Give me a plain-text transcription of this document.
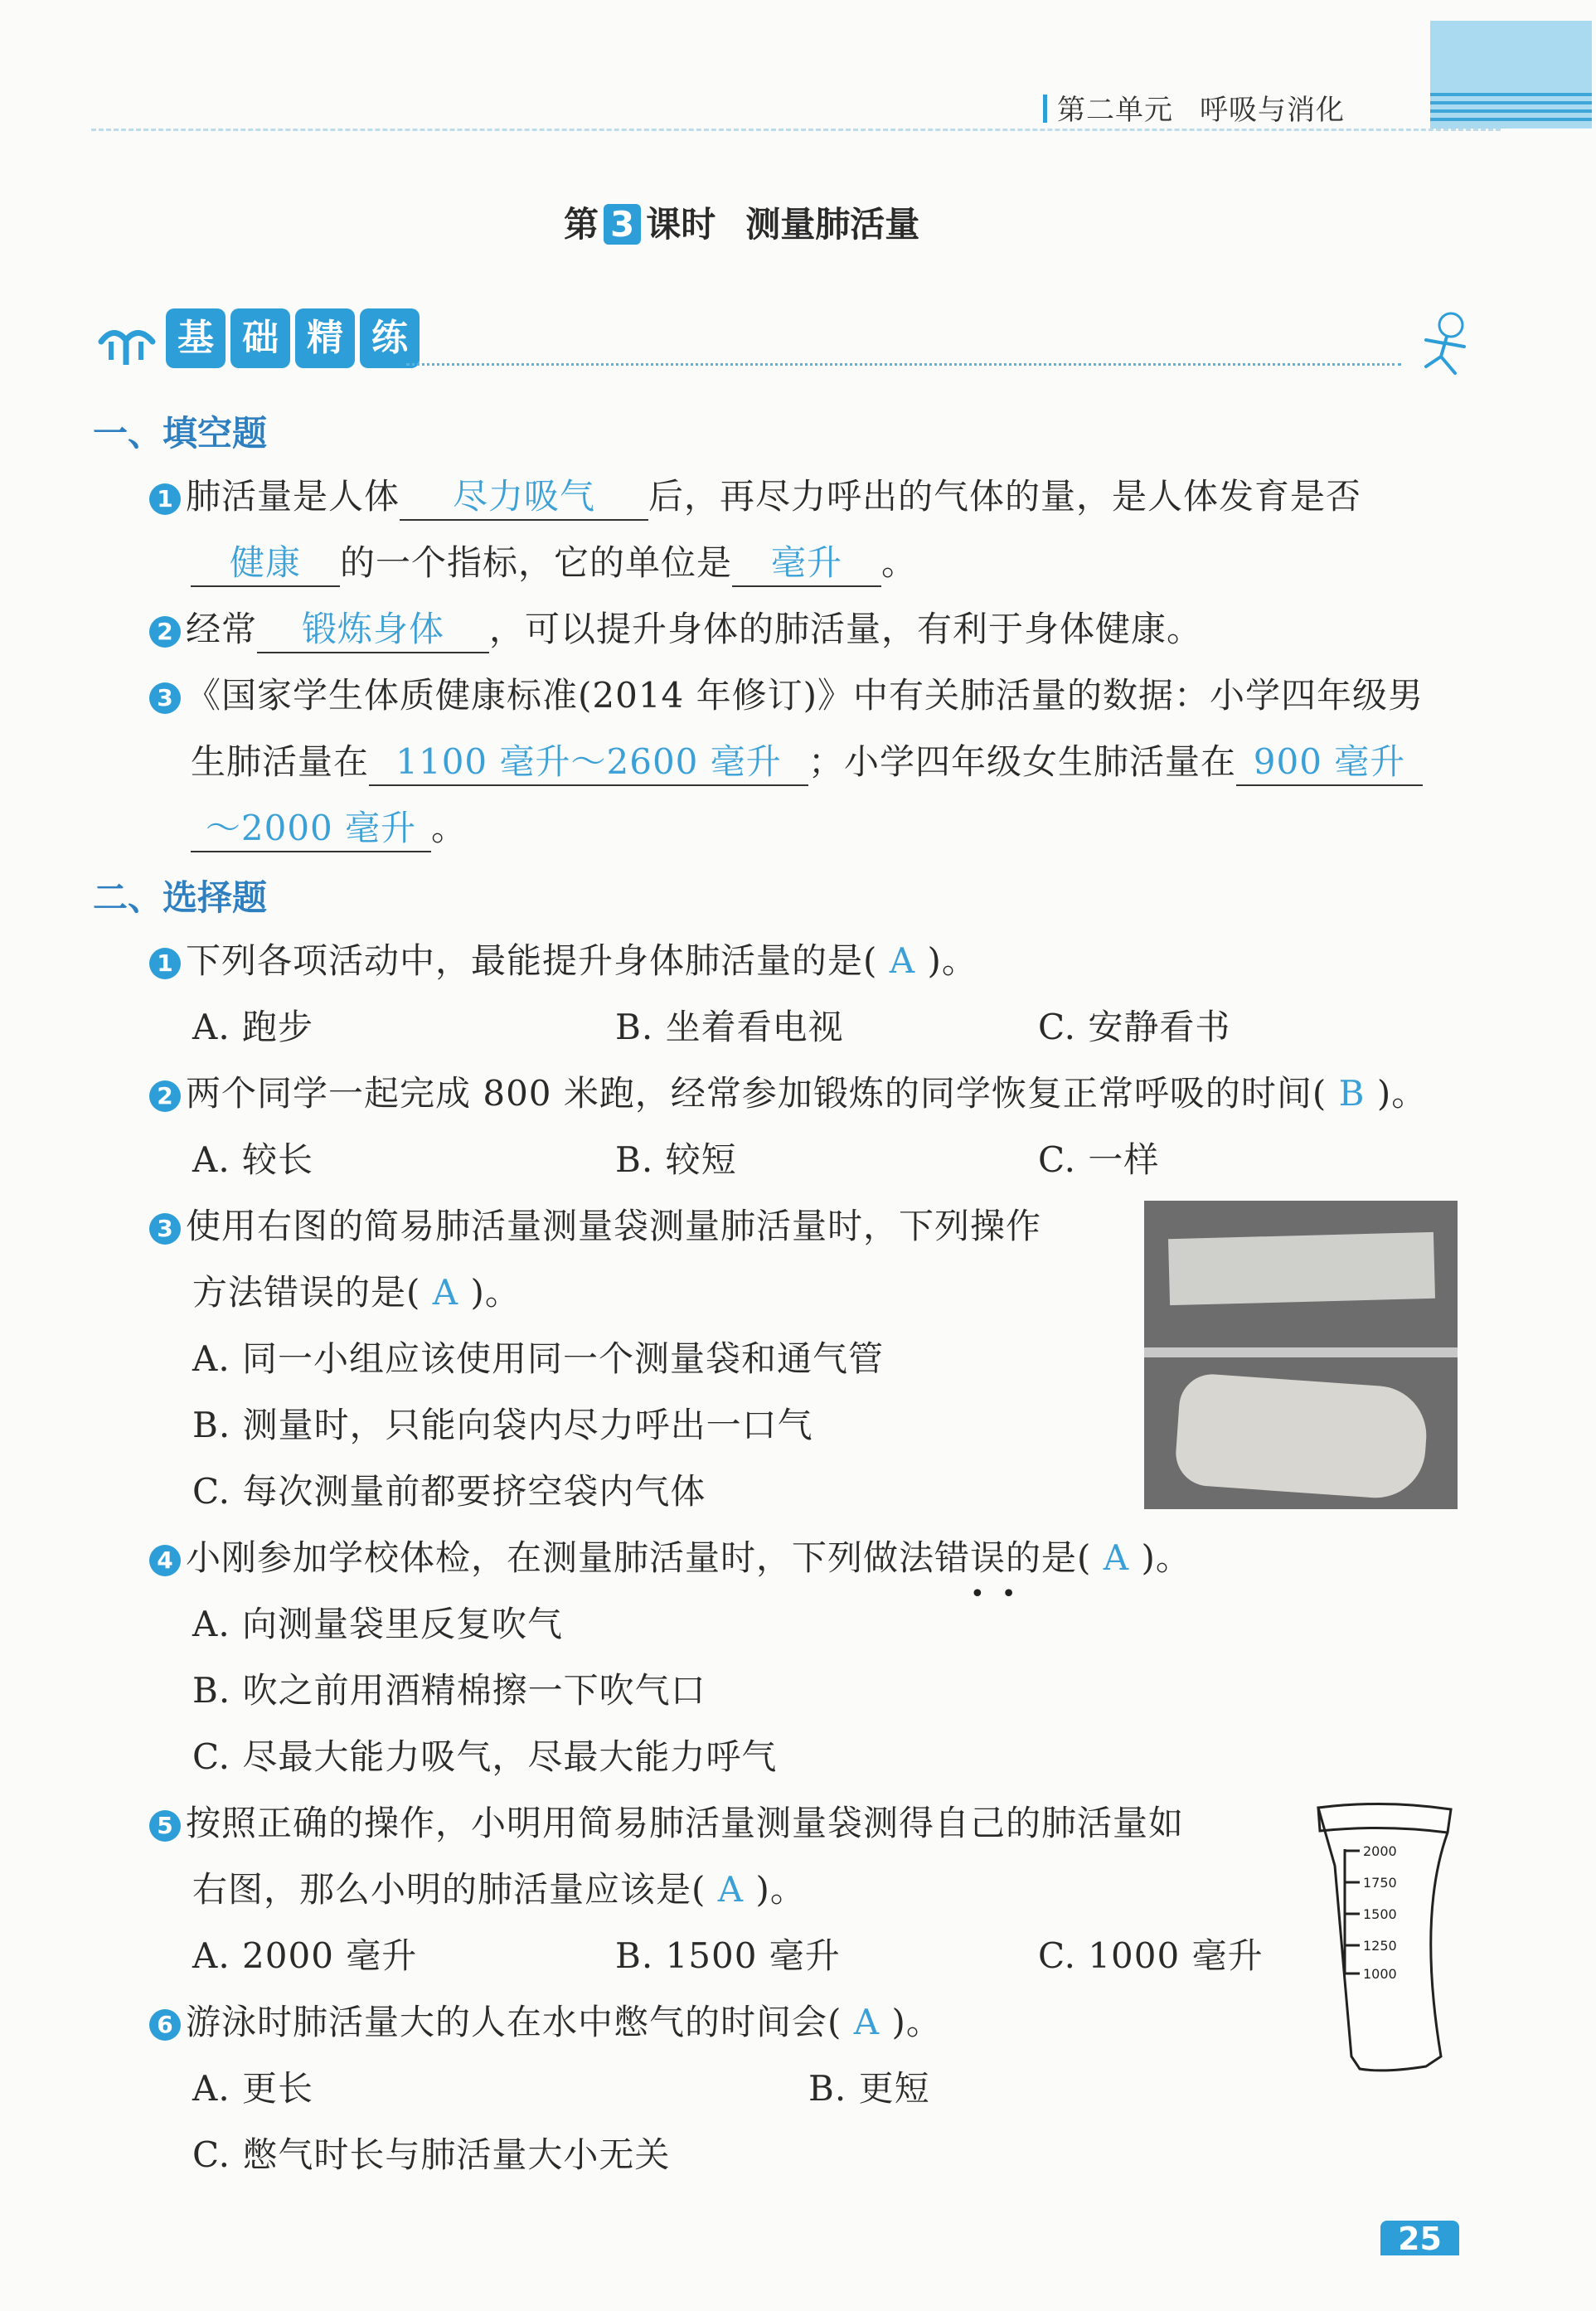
第二单元 呼吸与消化
第 3 课时 测量肺活量
基 础 精 练
一、填空题
1 肺活量是人体 尽力吸气 后，再尽力呼出的气体的量，是人体发育是否
健康 的一个指标，它的单位是 毫升 。
2 经常 锻炼身体 ，可以提升身体的肺活量，有利于身体健康。
3 《国家学生体质健康标准(2014 年修订)》中有关肺活量的数据：小学四年级男
生肺活量在 1100 毫升～2600 毫升 ；小学四年级女生肺活量在 900 毫升
～2000 毫升 。
二、选择题
1 下列各项活动中，最能提升身体肺活量的是( A )。
A. 跑步	B. 坐着看电视	C. 安静看书
2 两个同学一起完成 800 米跑，经常参加锻炼的同学恢复正常呼吸的时间( B )。
A. 较长	B. 较短	C. 一样
3 使用右图的简易肺活量测量袋测量肺活量时，下列操作
方法错误的是( A )。
A. 同一小组应该使用同一个测量袋和通气管
B. 测量时，只能向袋内尽力呼出一口气
C. 每次测量前都要挤空袋内气体
4 小刚参加学校体检，在测量肺活量时，下列做法错误的是( A )。
••
A. 向测量袋里反复吹气
B. 吹之前用酒精棉擦一下吹气口
C. 尽最大能力吸气，尽最大能力呼气
5 按照正确的操作，小明用简易肺活量测量袋测得自己的肺活量如
右图，那么小明的肺活量应该是( A )。
A. 2000 毫升	B. 1500 毫升	C. 1000 毫升
2000
1750
1500
1250
1000
6 游泳时肺活量大的人在水中憋气的时间会( A )。
A. 更长	B. 更短
C. 憋气时长与肺活量大小无关
25
